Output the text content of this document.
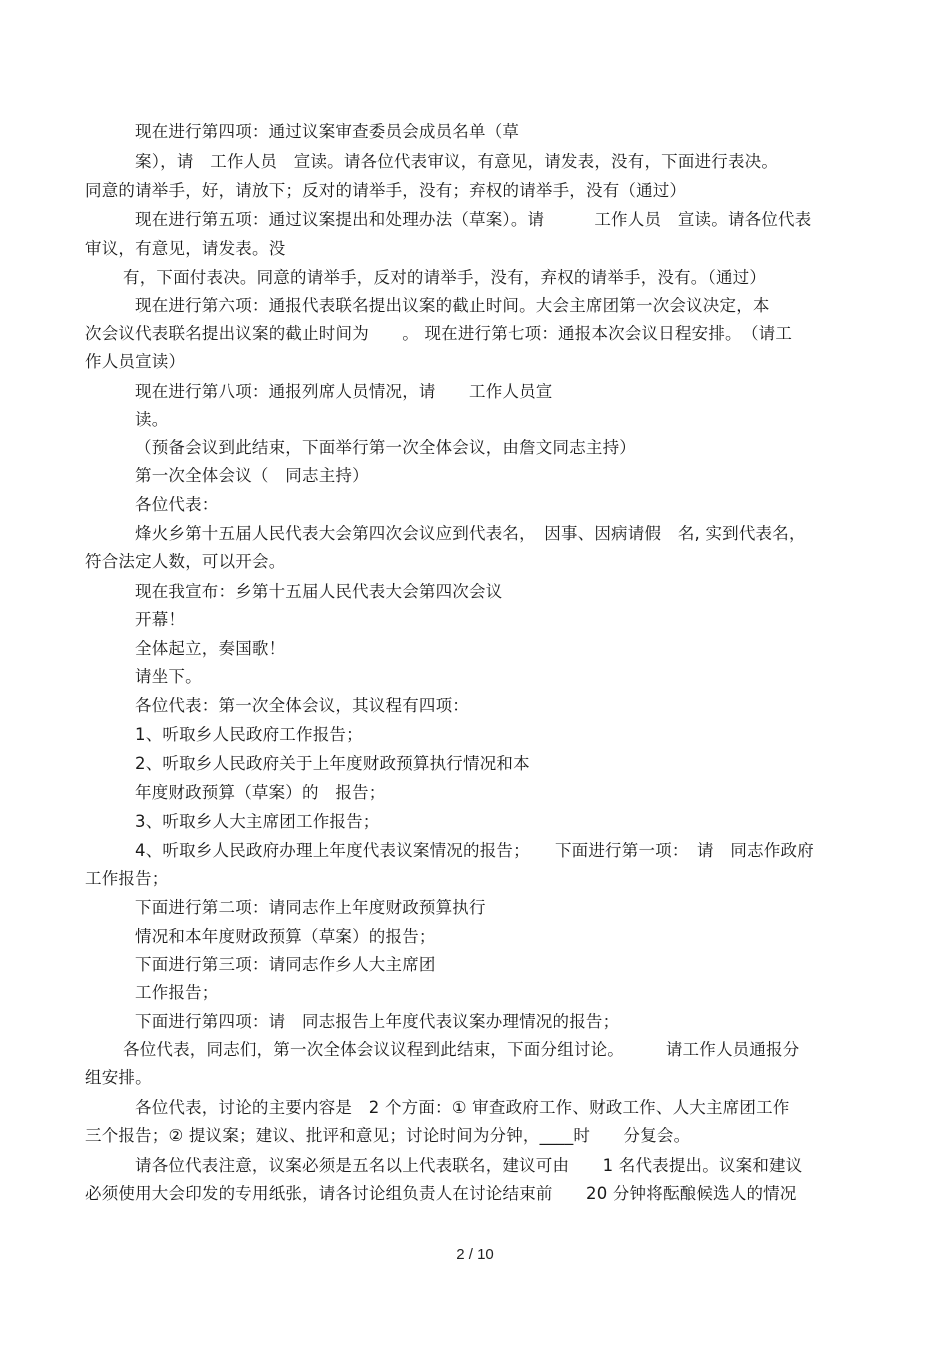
现在进行第四项：通过议案审查委员会成员名单（草
案），请　工作人员　宣读。请各位代表审议，有意见，请发表，没有，下面进行表决。
同意的请举手，好，请放下；反对的请举手，没有；弃权的请举手，没有（通过）
现在进行第五项：通过议案提出和处理办法（草案）。请　　　工作人员　宣读。请各位代表
审议，有意见，请发表。没
有，下面付表决。同意的请举手，反对的请举手，没有，弃权的请举手，没有。（通过）
现在进行第六项：通报代表联名提出议案的截止时间。大会主席团第一次会议决定，本
次会议代表联名提出议案的截止时间为　　。 现在进行第七项：通报本次会议日程安排。　（请工
作人员宣读）
现在进行第八项：通报列席人员情况，请　　工作人员宣
读。
（预备会议到此结束，下面举行第一次全体会议，由詹文同志主持）
第一次全体会议（　同志主持）
各位代表：
烽火乡第十五届人民代表大会第四次会议应到代表名，　因事、因病请假　名, 实到代表名，
符合法定人数，可以开会。
现在我宣布：乡第十五届人民代表大会第四次会议
开幕！
全体起立，奏国歌！
请坐下。
各位代表：第一次全体会议，其议程有四项：
1、听取乡人民政府工作报告；
2、听取乡人民政府关于上年度财政预算执行情况和本
年度财政预算（草案）的　报告；
3、听取乡人大主席团工作报告；
4、听取乡人民政府办理上年度代表议案情况的报告；　　下面进行第一项：　请　同志作政府
工作报告；
下面进行第二项：请同志作上年度财政预算执行
情况和本年度财政预算（草案）的报告；
下面进行第三项：请同志作乡人大主席团
工作报告；
下面进行第四项：请　同志报告上年度代表议案办理情况的报告；
各位代表，同志们，第一次全体会议议程到此结束，下面分组讨论。　　　请工作人员通报分
组安排。
各位代表，讨论的主要内容是　2 个方面：① 审查政府工作、财政工作、人大主席团工作
三个报告；② 提议案；建议、批评和意见；讨论时间为分钟，____时　　分复会。
请各位代表注意，议案必须是五名以上代表联名，建议可由　　1 名代表提出。议案和建议
必须使用大会印发的专用纸张，请各讨论组负责人在讨论结束前　　20 分钟将酝酿候选人的情况
2 / 10
